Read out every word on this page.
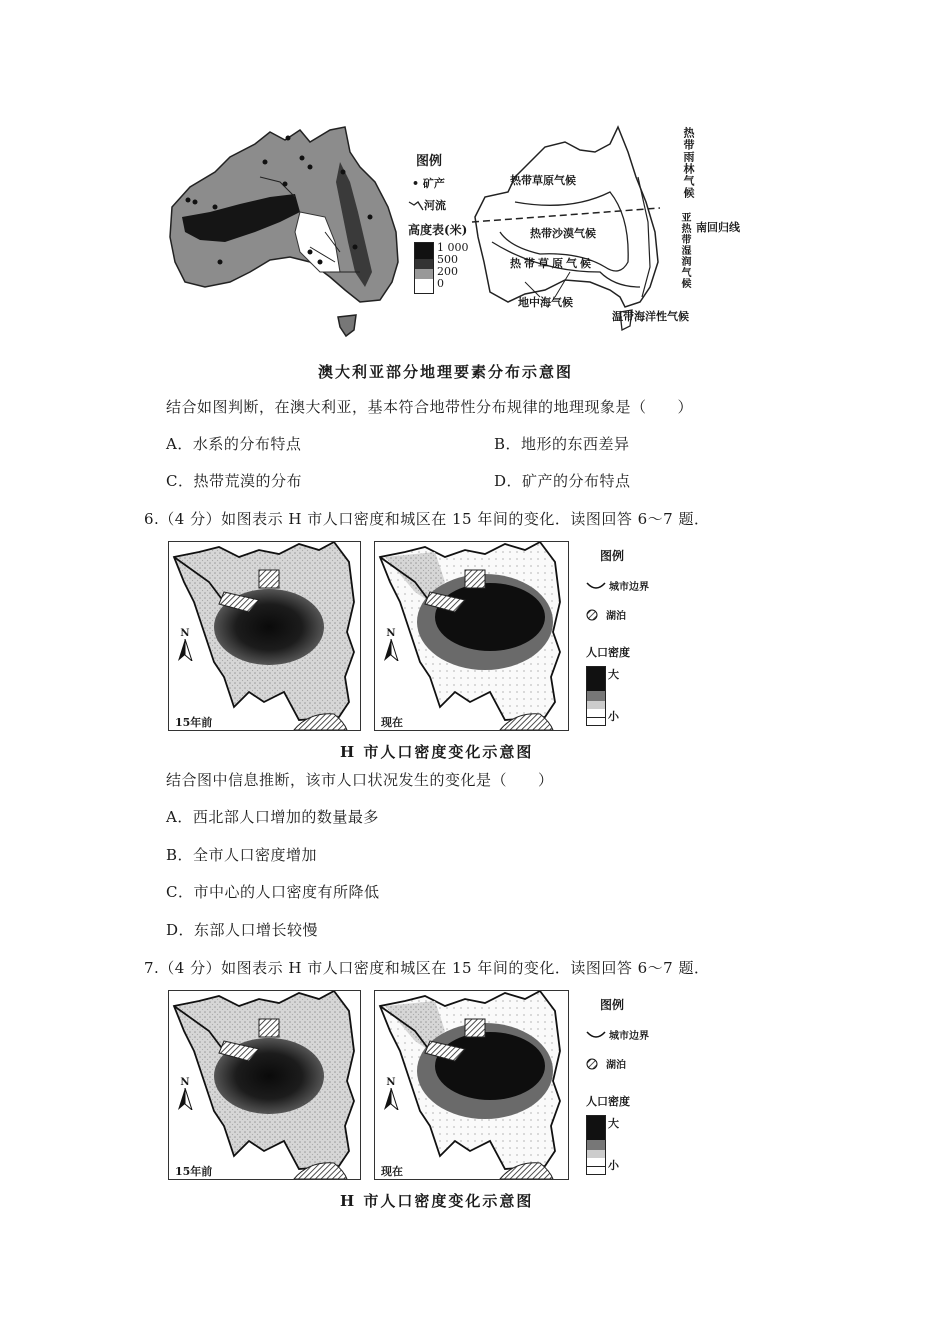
图例
• 矿产
河流
高度表(米)
1 000
500
200
0
热带草原气候
热带沙漠气候
热带草原气候
地中海气候
温带海洋性气候
热带雨林气候
南回归线
亚热带湿润气候
澳大利亚部分地理要素分布示意图
结合如图判断，在澳大利亚，基本符合地带性分布规律的地理现象是（　　）
A．水系的分布特点	B．地形的东西差异
C．热带荒漠的分布	D．矿产的分布特点
6.（4 分）如图表示 H 市人口密度和城区在 15 年间的变化．读图回答 6～7 题．
N
15年前
N
现在
图例
城市边界
湖泊
人口密度
大
小
H 市人口密度变化示意图
结合图中信息推断，该市人口状况发生的变化是（　　）
A．西北部人口增加的数量最多
B．全市人口密度增加
C．市中心的人口密度有所降低
D．东部人口增长较慢
7.（4 分）如图表示 H 市人口密度和城区在 15 年间的变化．读图回答 6～7 题．
N
15年前
N
现在
图例
城市边界
湖泊
人口密度
大
小
H 市人口密度变化示意图
